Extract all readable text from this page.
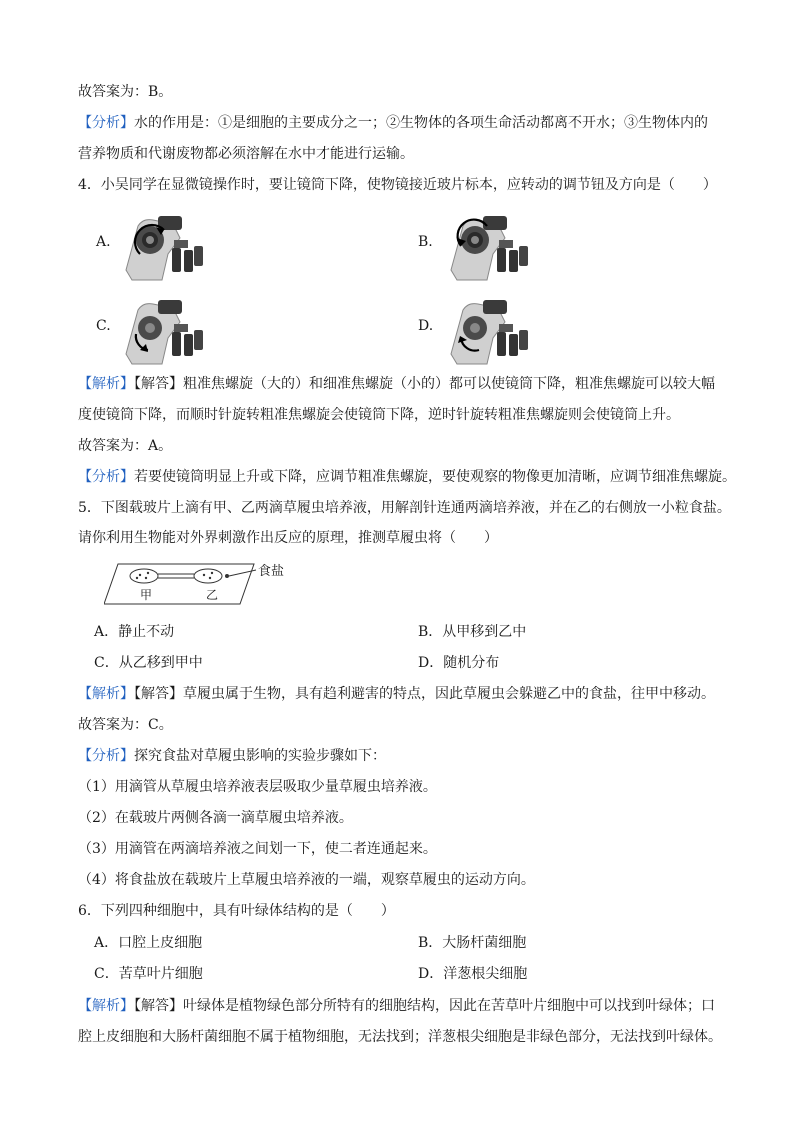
故答案为：B。
【分析】水的作用是：①是细胞的主要成分之一；②生物体的各项生命活动都离不开水；③生物体内的
营养物质和代谢废物都必须溶解在水中才能进行运输。
4．小吴同学在显微镜操作时，要让镜筒下降，使物镜接近玻片标本，应转动的调节钮及方向是（　　）
A.	B.
C.	D.
【解析】【解答】粗准焦螺旋（大的）和细准焦螺旋（小的）都可以使镜筒下降，粗准焦螺旋可以较大幅
度使镜筒下降，而顺时针旋转粗准焦螺旋会使镜筒下降，逆时针旋转粗准焦螺旋则会使镜筒上升。
故答案为：A。
【分析】若要使镜筒明显上升或下降，应调节粗准焦螺旋，要使观察的物像更加清晰，应调节细准焦螺旋。
5．下图载玻片上滴有甲、乙两滴草履虫培养液，用解剖针连通两滴培养液，并在乙的右侧放一小粒食盐。
请你利用生物能对外界刺激作出反应的原理，推测草履虫将（　　）
食盐
甲	乙
A．静止不动	B．从甲移到乙中
C．从乙移到甲中	D．随机分布
【解析】【解答】草履虫属于生物，具有趋利避害的特点，因此草履虫会躲避乙中的食盐，往甲中移动。
故答案为：C。
【分析】探究食盐对草履虫影响的实验步骤如下：
（1）用滴管从草履虫培养液表层吸取少量草履虫培养液。
（2）在载玻片两侧各滴一滴草履虫培养液。
（3）用滴管在两滴培养液之间划一下，使二者连通起来。
（4）将食盐放在载玻片上草履虫培养液的一端，观察草履虫的运动方向。
6．下列四种细胞中，具有叶绿体结构的是（　　）
A．口腔上皮细胞	B．大肠杆菌细胞
C．苦草叶片细胞	D．洋葱根尖细胞
【解析】【解答】叶绿体是植物绿色部分所特有的细胞结构，因此在苦草叶片细胞中可以找到叶绿体；口
腔上皮细胞和大肠杆菌细胞不属于植物细胞，无法找到；洋葱根尖细胞是非绿色部分，无法找到叶绿体。
